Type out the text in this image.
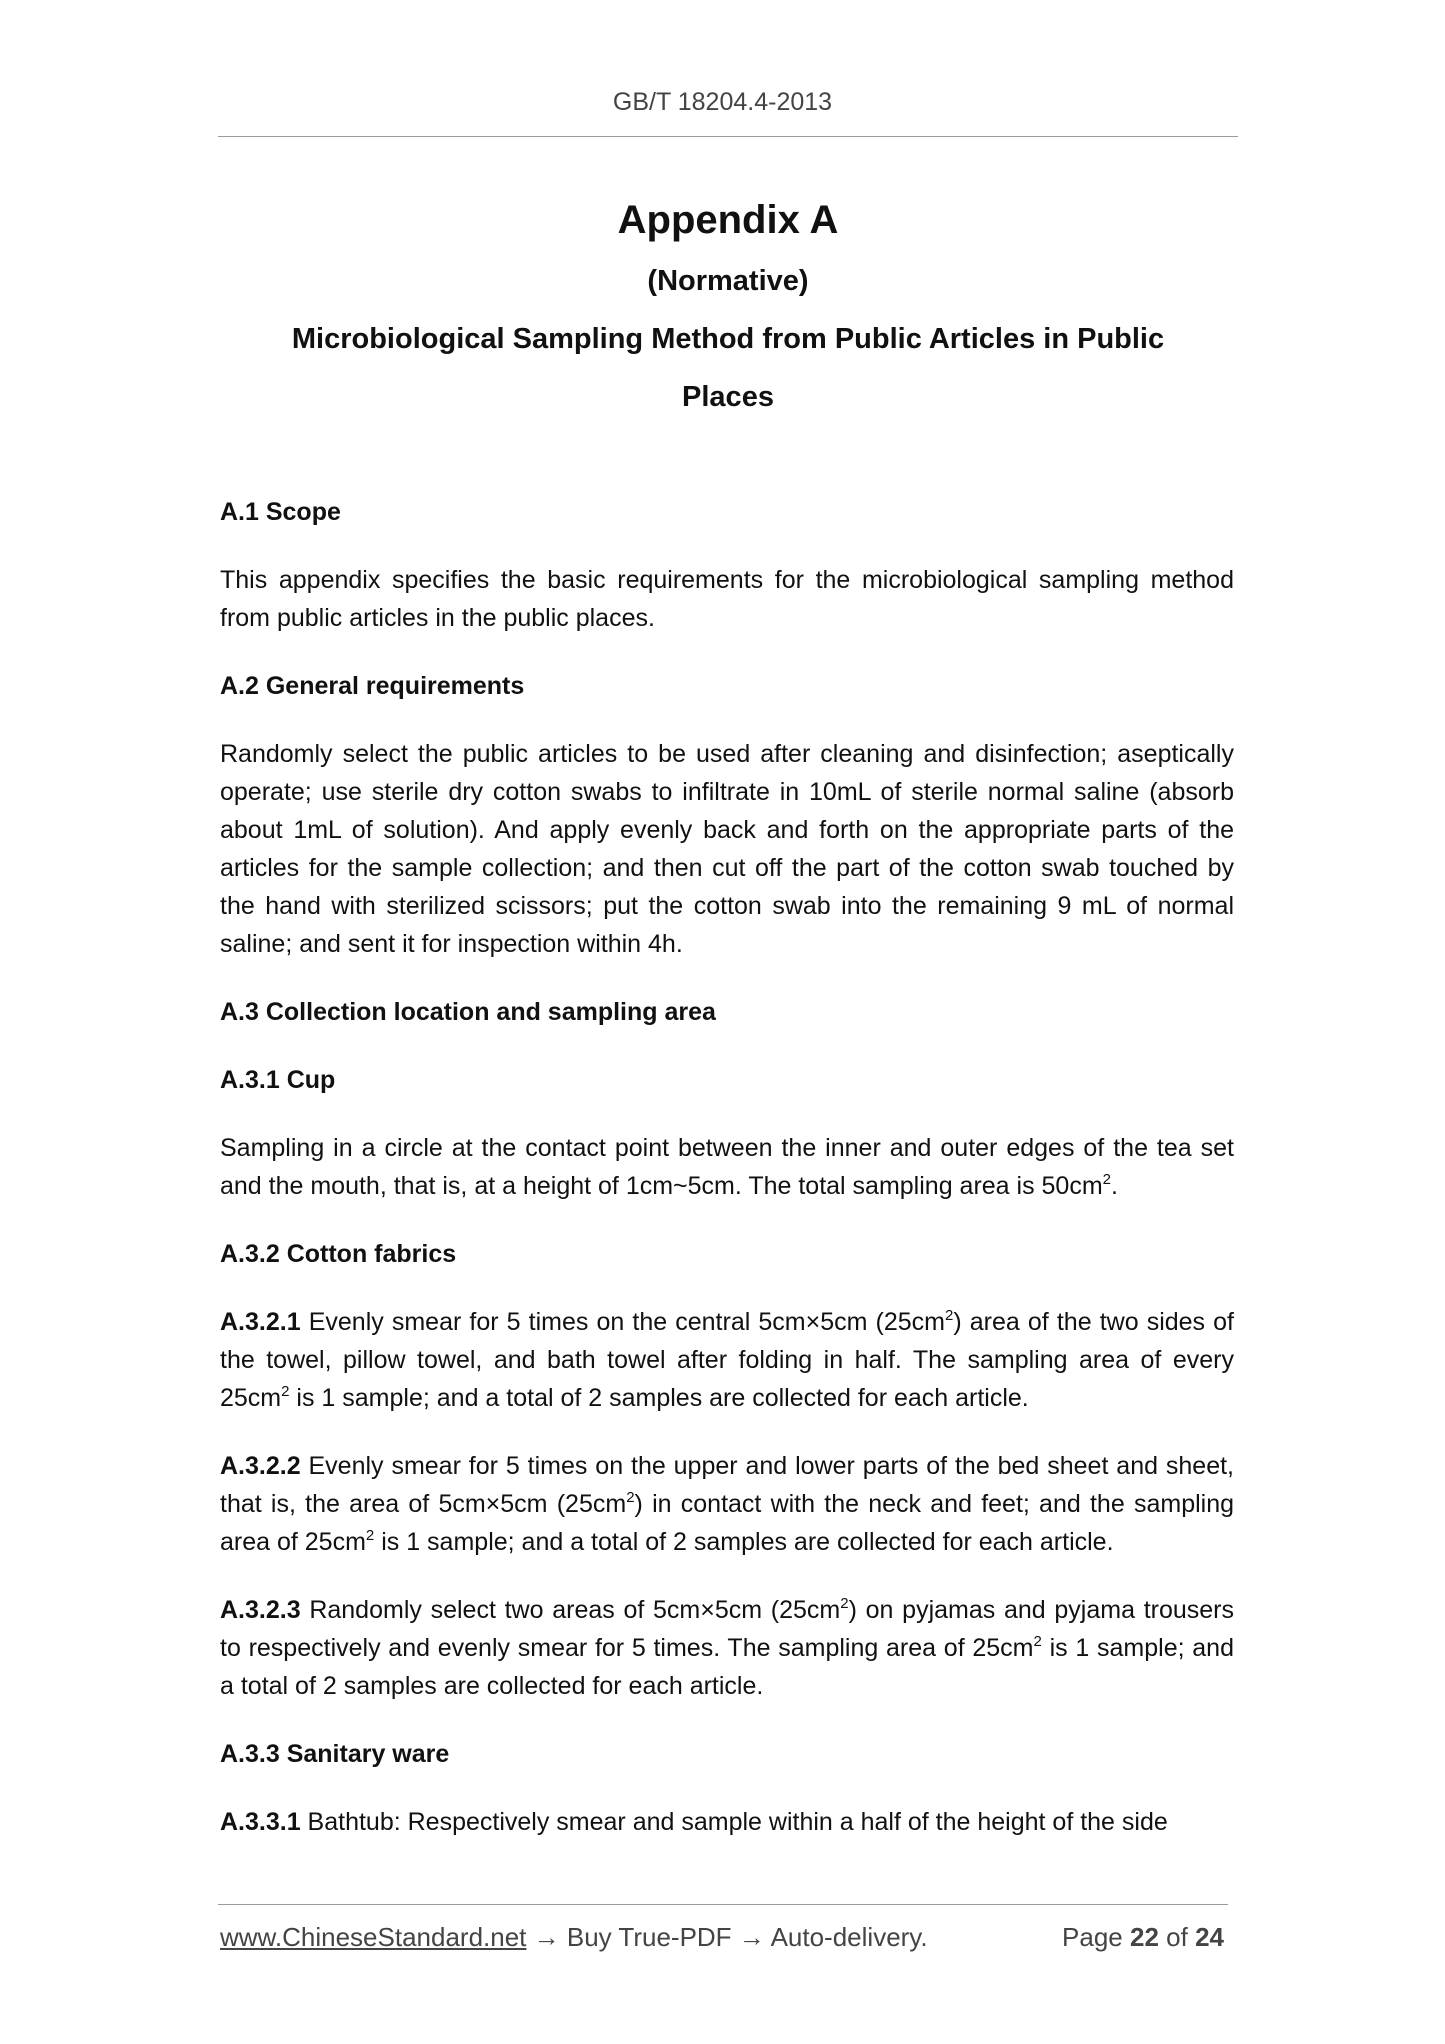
GB/T 18204.4-2013
Appendix A
(Normative)
Microbiological Sampling Method from Public Articles in Public
Places
A.1 Scope

This appendix specifies the basic requirements for the microbiological sampling method from public articles in the public places.

A.2 General requirements

Randomly select the public articles to be used after cleaning and disinfection; aseptically operate; use sterile dry cotton swabs to infiltrate in 10mL of sterile normal saline (absorb about 1mL of solution). And apply evenly back and forth on the appropriate parts of the articles for the sample collection; and then cut off the part of the cotton swab touched by the hand with sterilized scissors; put the cotton swab into the remaining 9 mL of normal saline; and sent it for inspection within 4h.

A.3 Collection location and sampling area
A.3.1 Cup

Sampling in a circle at the contact point between the inner and outer edges of the tea set and the mouth, that is, at a height of 1cm~5cm. The total sampling area is $50cm^2$.

A.3.2 Cotton fabrics

A.3.2.1 Evenly smear for 5 times on the central 5cm×5cm $(25cm^2)$ area of the two sides of the towel, pillow towel, and bath towel after folding in half. The sampling area of every $25cm^2$ is 1 sample; and a total of 2 samples are collected for each article.

A.3.2.2 Evenly smear for 5 times on the upper and lower parts of the bed sheet and sheet, that is, the area of 5cm×5cm $(25cm^2)$ in contact with the neck and feet; and the sampling area of $25cm^2$ is 1 sample; and a total of 2 samples are collected for each article.

A.3.2.3 Randomly select two areas of 5cm×5cm $(25cm^2)$ on pyjamas and pyjama trousers to respectively and evenly smear for 5 times. The sampling area of $25cm^2$ is 1 sample; and a total of 2 samples are collected for each article.

A.3.3 Sanitary ware

A.3.3.1 Bathtub: Respectively smear and sample within a half of the height of the side

www.ChineseStandard.net → Buy True-PDF → Auto-delivery.	Page 22 of 24
